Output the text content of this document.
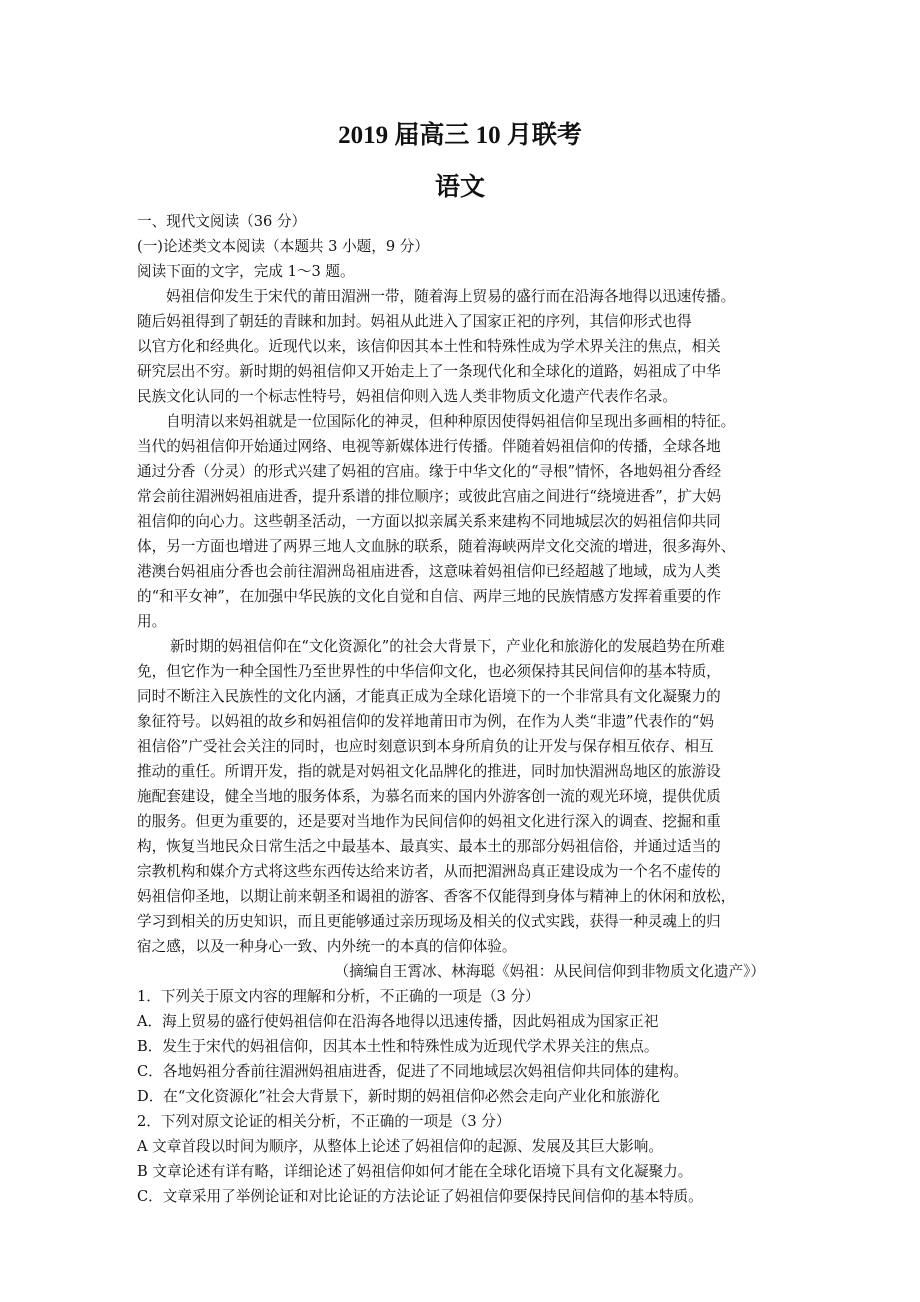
2019 届高三 10 月联考
语文
一、现代文阅读（36 分）
(一)论述类文本阅读（本题共 3 小题，9 分）
阅读下面的文字，完成 1～3 题。
妈祖信仰发生于宋代的莆田湄洲一带，随着海上贸易的盛行而在沿海各地得以迅速传播。
随后妈祖得到了朝廷的青睐和加封。妈祖从此进入了国家正祀的序列，其信仰形式也得
以官方化和经典化。近现代以来，该信仰因其本土性和特殊性成为学术界关注的焦点，相关
研究层出不穷。新时期的妈祖信仰又开始走上了一条现代化和全球化的道路，妈祖成了中华
民族文化认同的一个标志性特号，妈祖信仰则入选人类非物质文化遗产代表作名录。
自明清以来妈祖就是一位国际化的神灵，但种种原因使得妈祖信仰呈现出多画相的特征。
当代的妈祖信仰开始通过网络、电视等新媒体进行传播。伴随着妈祖信仰的传播，全球各地
通过分香（分灵）的形式兴建了妈祖的宫庙。缘于中华文化的“寻根”情怀，各地妈祖分香经
常会前往湄洲妈祖庙进香，提升系谱的排位顺序；或彼此宫庙之间进行“绕境进香”，扩大妈
祖信仰的向心力。这些朝圣活动，一方面以拟亲属关系来建构不同地城层次的妈祖信仰共同
体，另一方面也增进了两界三地人文血脉的联系，随着海峡两岸文化交流的增进，很多海外、
港澳台妈祖庙分香也会前往湄洲岛祖庙进香，这意味着妈祖信仰已经超越了地域，成为人类
的“和平女神”，在加强中华民族的文化自觉和自信、两岸三地的民族情感方发挥着重要的作
用。
新时期的妈祖信仰在“文化资源化”的社会大背景下，产业化和旅游化的发展趋势在所难
免，但它作为一种全国性乃至世界性的中华信仰文化，也必须保持其民间信仰的基本特质，
同时不断注入民族性的文化内涵，才能真正成为全球化语境下的一个非常具有文化凝聚力的
象征符号。以妈祖的故乡和妈祖信仰的发祥地莆田市为例，在作为人类“非遗”代表作的“妈
祖信俗”广受社会关注的同时，也应时刻意识到本身所肩负的让开发与保存相互依存、相互
推动的重任。所谓开发，指的就是对妈祖文化品牌化的推进，同时加快湄洲岛地区的旅游设
施配套建设，健全当地的服务体系，为慕名而来的国内外游客创一流的观光环境，提供优质
的服务。但更为重要的，还是要对当地作为民间信仰的妈祖文化进行深入的调查、挖掘和重
构，恢复当地民众日常生活之中最基本、最真实、最本土的那部分妈祖信俗，并通过适当的
宗教机构和媒介方式将这些东西传达给来访者，从而把湄洲岛真正建设成为一个名不虚传的
妈祖信仰圣地，以期让前来朝圣和谒祖的游客、香客不仅能得到身体与精神上的休闲和放松，
学习到相关的历史知识，而且更能够通过亲历现场及相关的仪式实践，获得一种灵魂上的归
宿之感，以及一种身心一致、内外统一的本真的信仰体验。
（摘编自王霄冰、林海聪《妈祖：从民间信仰到非物质文化遗产》）
1．下列关于原文内容的理解和分析，不正确的一项是（3 分）
A．海上贸易的盛行使妈祖信仰在沿海各地得以迅速传播，因此妈祖成为国家正祀
B．发生于宋代的妈祖信仰，因其本土性和特殊性成为近现代学术界关注的焦点。
C．各地妈祖分香前往湄洲妈祖庙进香，促进了不同地域层次妈祖信仰共同体的建构。
D．在“文化资源化”社会大背景下，新时期的妈祖信仰必然会走向产业化和旅游化
2．下列对原文论证的相关分析，不正确的一项是（3 分）
A 文章首段以时间为顺序，从整体上论述了妈祖信仰的起源、发展及其巨大影响。
B 文章论述有详有略，详细论述了妈祖信仰如何才能在全球化语境下具有文化凝聚力。
C．文章采用了举例论证和对比论证的方法论证了妈祖信仰要保持民间信仰的基本特质。
